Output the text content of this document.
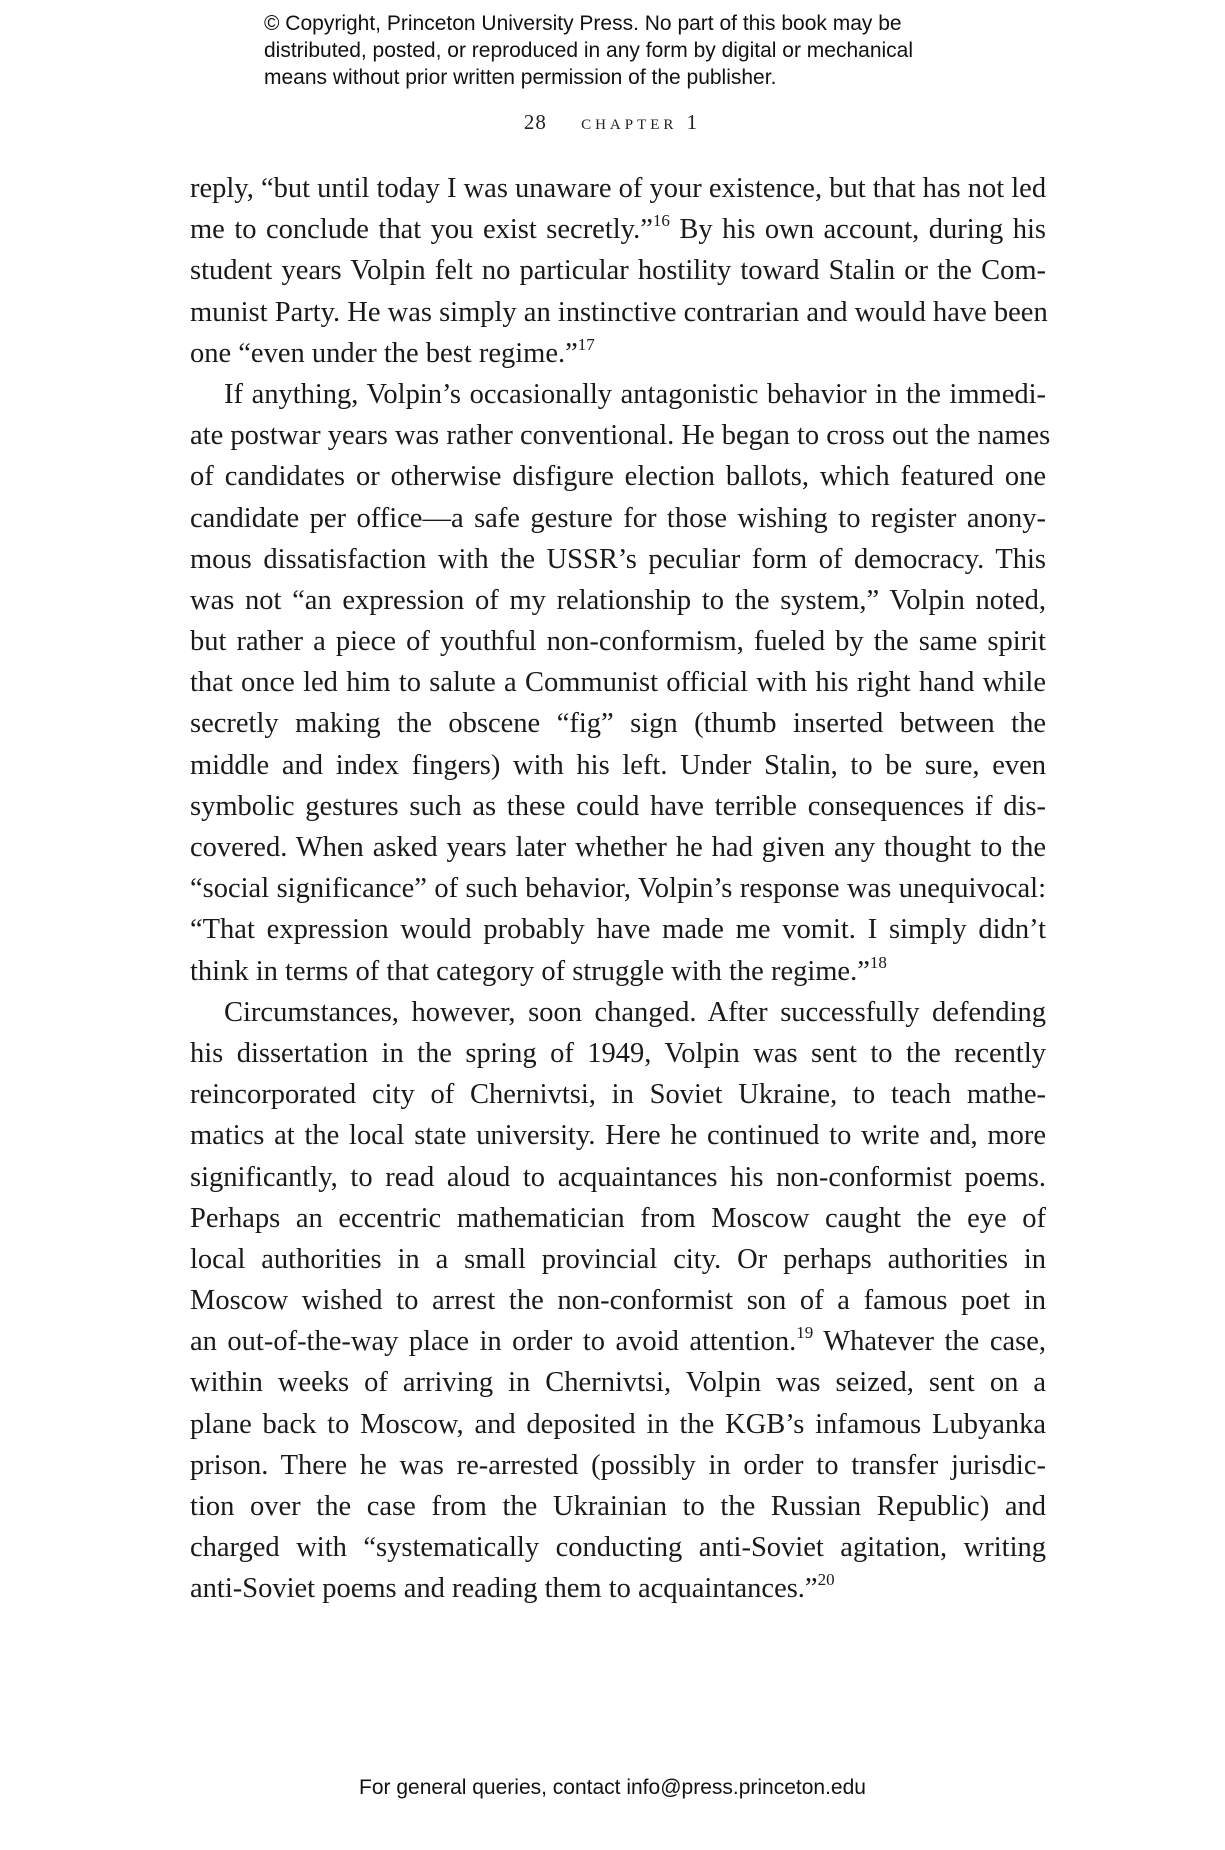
© Copyright, Princeton University Press. No part of this book may be
distributed, posted, or reproduced in any form by digital or mechanical
means without prior written permission of the publisher.
28 chapter 1

reply, “but until today I was unaware of your existence, but that has not led
me to conclude that you exist secretly.”$^{16}$ By his own account, during his
student years Volpin felt no particular hostility toward Stalin or the Com-
munist Party. He was simply an instinctive contrarian and would have been
one “even under the best regime.”$^{17}$

If anything, Volpin’s occasionally antagonistic behavior in the immedi-
ate postwar years was rather conventional. He began to cross out the names
of candidates or otherwise disfigure election ballots, which featured one
candidate per office—a safe gesture for those wishing to register anony-
mous dissatisfaction with the USSR’s peculiar form of democracy. This
was not “an expression of my relationship to the system,” Volpin noted,
but rather a piece of youthful non-conformism, fueled by the same spirit
that once led him to salute a Communist official with his right hand while
secretly making the obscene “fig” sign (thumb inserted between the
middle and index fingers) with his left. Under Stalin, to be sure, even
symbolic gestures such as these could have terrible consequences if dis-
covered. When asked years later whether he had given any thought to the
“social significance” of such behavior, Volpin’s response was unequivocal:
“That expression would probably have made me vomit. I simply didn’t
think in terms of that category of struggle with the regime.”$^{18}$

Circumstances, however, soon changed. After successfully defending
his dissertation in the spring of 1949, Volpin was sent to the recently
reincorporated city of Chernivtsi, in Soviet Ukraine, to teach mathe-
matics at the local state university. Here he continued to write and, more
significantly, to read aloud to acquaintances his non-conformist poems.
Perhaps an eccentric mathematician from Moscow caught the eye of
local authorities in a small provincial city. Or perhaps authorities in
Moscow wished to arrest the non-conformist son of a famous poet in
an out-of-the-way place in order to avoid attention.$^{19}$ Whatever the case,
within weeks of arriving in Chernivtsi, Volpin was seized, sent on a
plane back to Moscow, and deposited in the KGB’s infamous Lubyanka
prison. There he was re-arrested (possibly in order to transfer jurisdic-
tion over the case from the Ukrainian to the Russian Republic) and
charged with “systematically conducting anti-Soviet agitation, writing
anti-Soviet poems and reading them to acquaintances.”$^{20}$

For general queries, contact info@press.princeton.edu
